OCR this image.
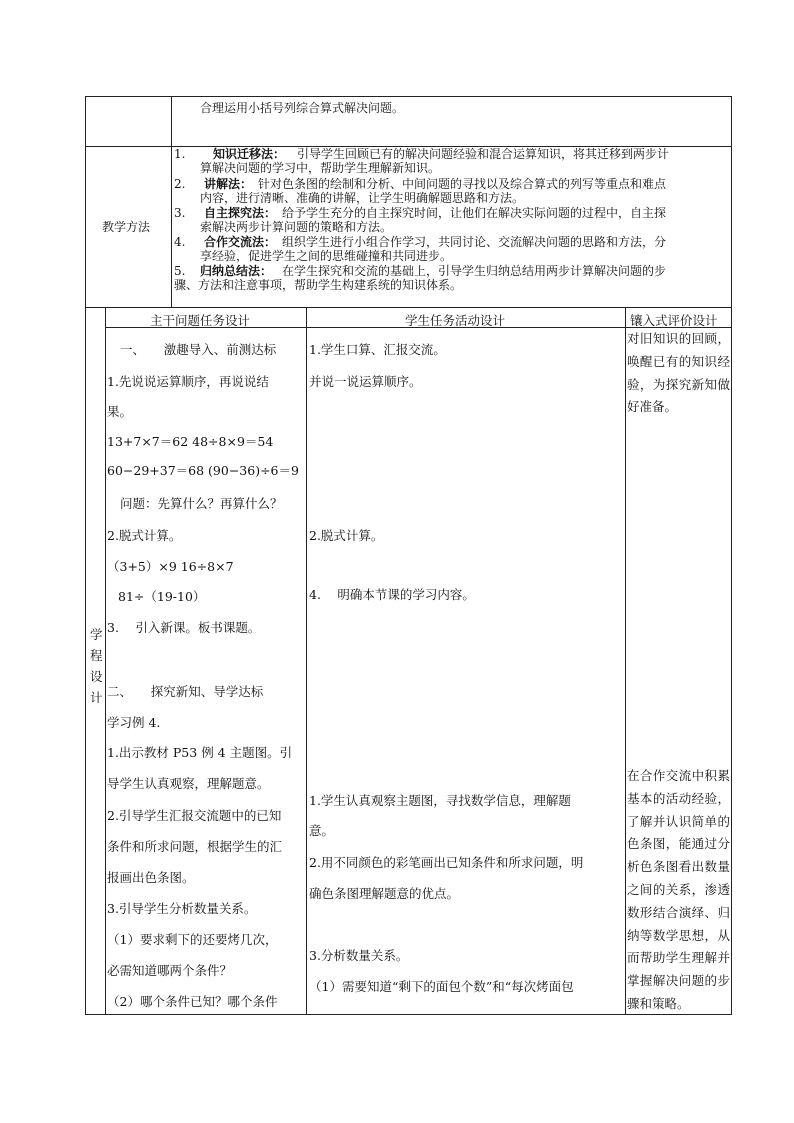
合理运用小括号列综合算式解决问题。
教学方法
1. 知识迁移法： 引导学生回顾已有的解决问题经验和混合运算知识，将其迁移到两步计
算解决问题的学习中，帮助学生理解新知识。
2. 讲解法： 针对色条图的绘制和分析、中间问题的寻找以及综合算式的列写等重点和难点
内容，进行清晰、准确的讲解，让学生明确解题思路和方法。
3. 自主探究法： 给予学生充分的自主探究时间，让他们在解决实际问题的过程中，自主探
索解决两步计算问题的策略和方法。
4. 合作交流法： 组织学生进行小组合作学习，共同讨论、交流解决问题的思路和方法，分
享经验，促进学生之间的思维碰撞和共同进步。
5. 归纳总结法： 在学生探究和交流的基础上，引导学生归纳总结用两步计算解决问题的步
骤、方法和注意事项，帮助学生构建系统的知识体系。
学
程
设
计
主干问题任务设计	学生任务活动设计	镶入式评价设计
一、　　激趣导入、前测达标
1.先说说运算顺序，再说说结
果。
13+7×7＝62 48÷8×9＝54
60−29+37＝68 (90−36)÷6＝9
问题：先算什么？再算什么？
2.脱式计算。
（3+5）×9 16÷8×7
81÷（19-10）
3.　 引入新课。板书课题。
二、　　探究新知、导学达标
学习例 4.
1.出示教材 P53 例 4 主题图。引
导学生认真观察，理解题意。
2.引导学生汇报交流题中的已知
条件和所求问题，根据学生的汇
报画出色条图。
3.引导学生分析数量关系。
（1）要求剩下的还要烤几次，
必需知道哪两个条件？
（2）哪个条件已知？哪个条件
1.学生口算、汇报交流。
并说一说运算顺序。
2.脱式计算。
4.　 明确本节课的学习内容。
1.学生认真观察主题图，寻找数学信息，理解题
意。
2.用不同颜色的彩笔画出已知条件和所求问题，明
确色条图理解题意的优点。
3.分析数量关系。
（1）需要知道“剩下的面包个数”和“每次烤面包
对旧知识的回顾，唤醒已有的知识经验，为探究新知做好准备。
在合作交流中积累基本的活动经验，了解并认识简单的色条图，能通过分析色条图看出数量之间的关系，渗透数形结合演绎、归纳等数学思想，从而帮助学生理解并掌握解决问题的步骤和策略。
